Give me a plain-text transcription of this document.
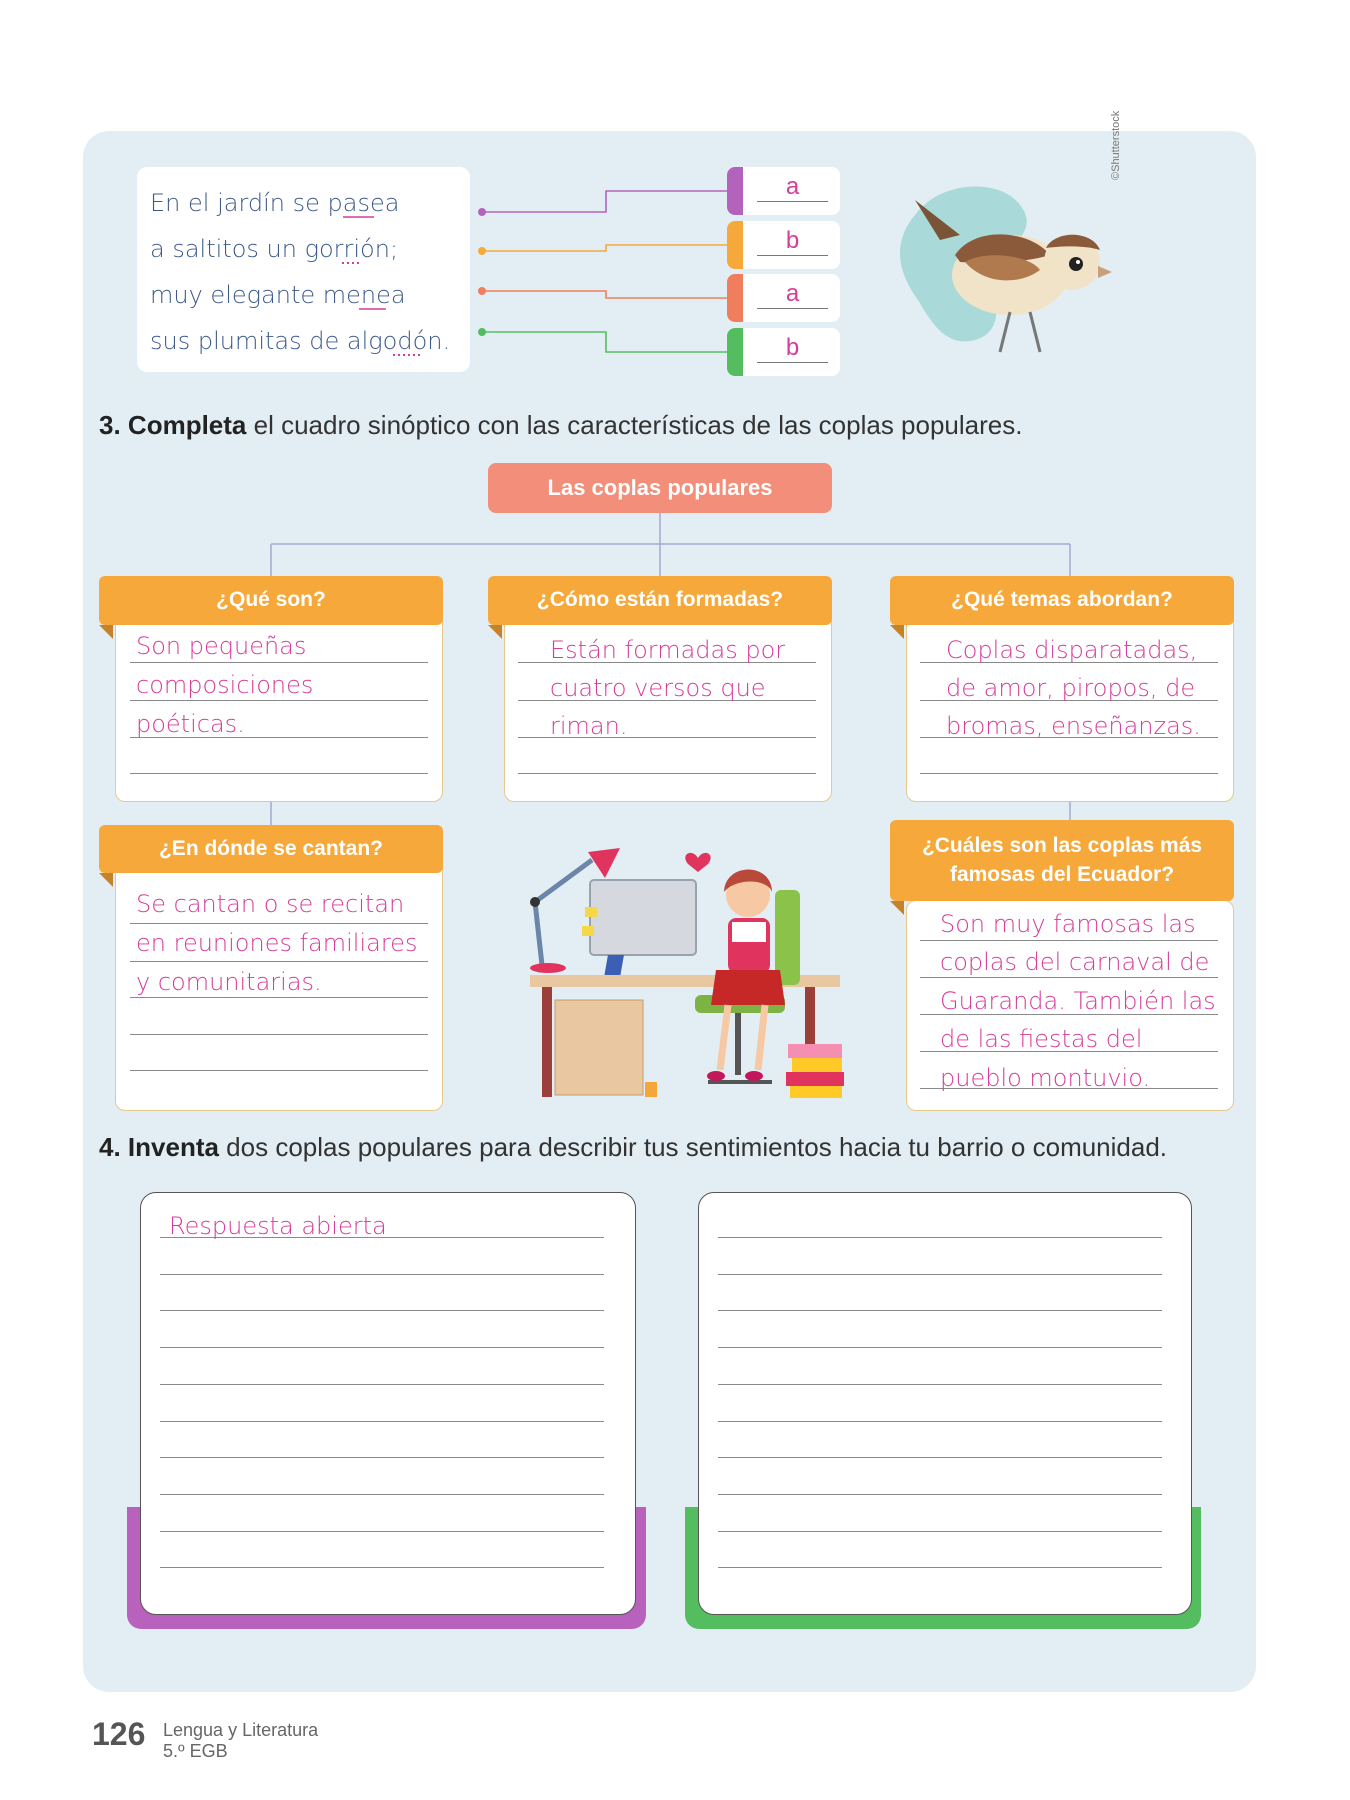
En el jardín se pasea
a saltitos un gorrión;
muy elegante menea
sus plumitas de algodón.
a
b
a
b
©Shutterstock
3. Completa el cuadro sinóptico con las características de las coplas populares.
Las coplas populares
¿Qué son?
Son pequeñas
composiciones
poéticas.
¿Cómo están formadas?
Están formadas por
cuatro versos que
riman.
¿Qué temas abordan?
Coplas disparatadas,
de amor, piropos, de
bromas, enseñanzas.
¿En dónde se cantan?
Se cantan o se recitan
en reuniones familiares
y comunitarias.
¿Cuáles son las coplas más
famosas del Ecuador?
Son muy famosas las
coplas del carnaval de
Guaranda. También las
de las fiestas del
pueblo montuvio.
4. Inventa dos coplas populares para describir tus sentimientos hacia tu barrio o comunidad.
Respuesta abierta
126 Lengua y Literatura
5.º EGB
